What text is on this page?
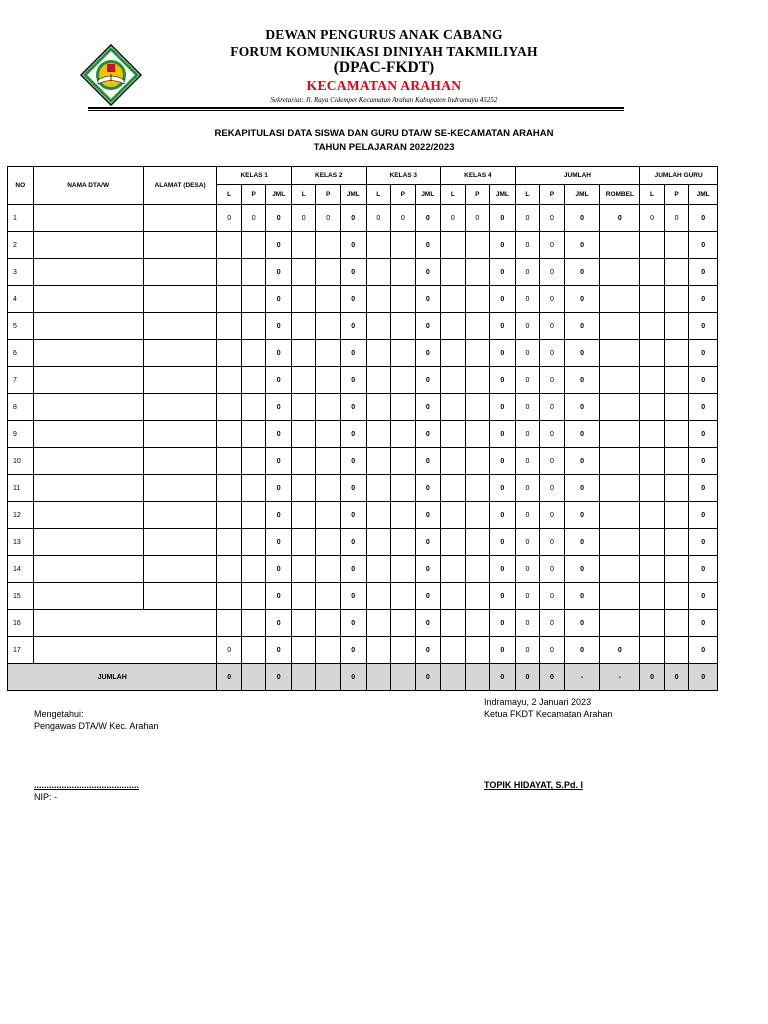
DEWAN PENGURUS ANAK CABANG
FORUM KOMUNIKASI DINIYAH TAKMILIYAH
(DPAC-FKDT)
KECAMATAN ARAHAN
Sekretariat: Jl. Raya Cidempet Kecamatan Arahan Kabupaten Indramayu 45252
REKAPITULASI DATA SISWA DAN GURU DTA/W SE-KECAMATAN ARAHAN
TAHUN PELAJARAN 2022/2023
NO	NAMA DTA/W	ALAMAT (DESA)	KELAS 1			KELAS 2			KELAS 3			KELAS 4			JUMLAH				JUMLAH GURU		
			L	P	JML	L	P	JML	L	P	JML	L	P	JML	L	P	JML	ROMBEL	L	P	JML
1			0	0	0	0	0	0	0	0	0	0	0	0	0	0	0	0	0	0	0
2					0			0			0			0	0	0	0				0
3					0			0			0			0	0	0	0				0
4					0			0			0			0	0	0	0				0
5					0			0			0			0	0	0	0				0
6					0			0			0			0	0	0	0				0
7					0			0			0			0	0	0	0				0
8					0			0			0			0	0	0	0				0
9					0			0			0			0	0	0	0				0
10					0			0			0			0	0	0	0				0
11					0			0			0			0	0	0	0				0
12					0			0			0			0	0	0	0				0
13					0			0			0			0	0	0	0				0
14					0			0			0			0	0	0	0				0
15					0			0			0			0	0	0	0				0
16					0			0			0			0	0	0	0				0
17			0		0			0			0			0	0	0	0	0			0
JUMLAH			0		0			0			0			0	0	0	-	-	0	0	0
Indramayu, 2 Januari 2023
Ketua FKDT Kecamatan Arahan
Mengetahui:
Pengawas DTA/W Kec. Arahan
..........................................
NIP: -
TOPIK HIDAYAT, S.Pd. I
